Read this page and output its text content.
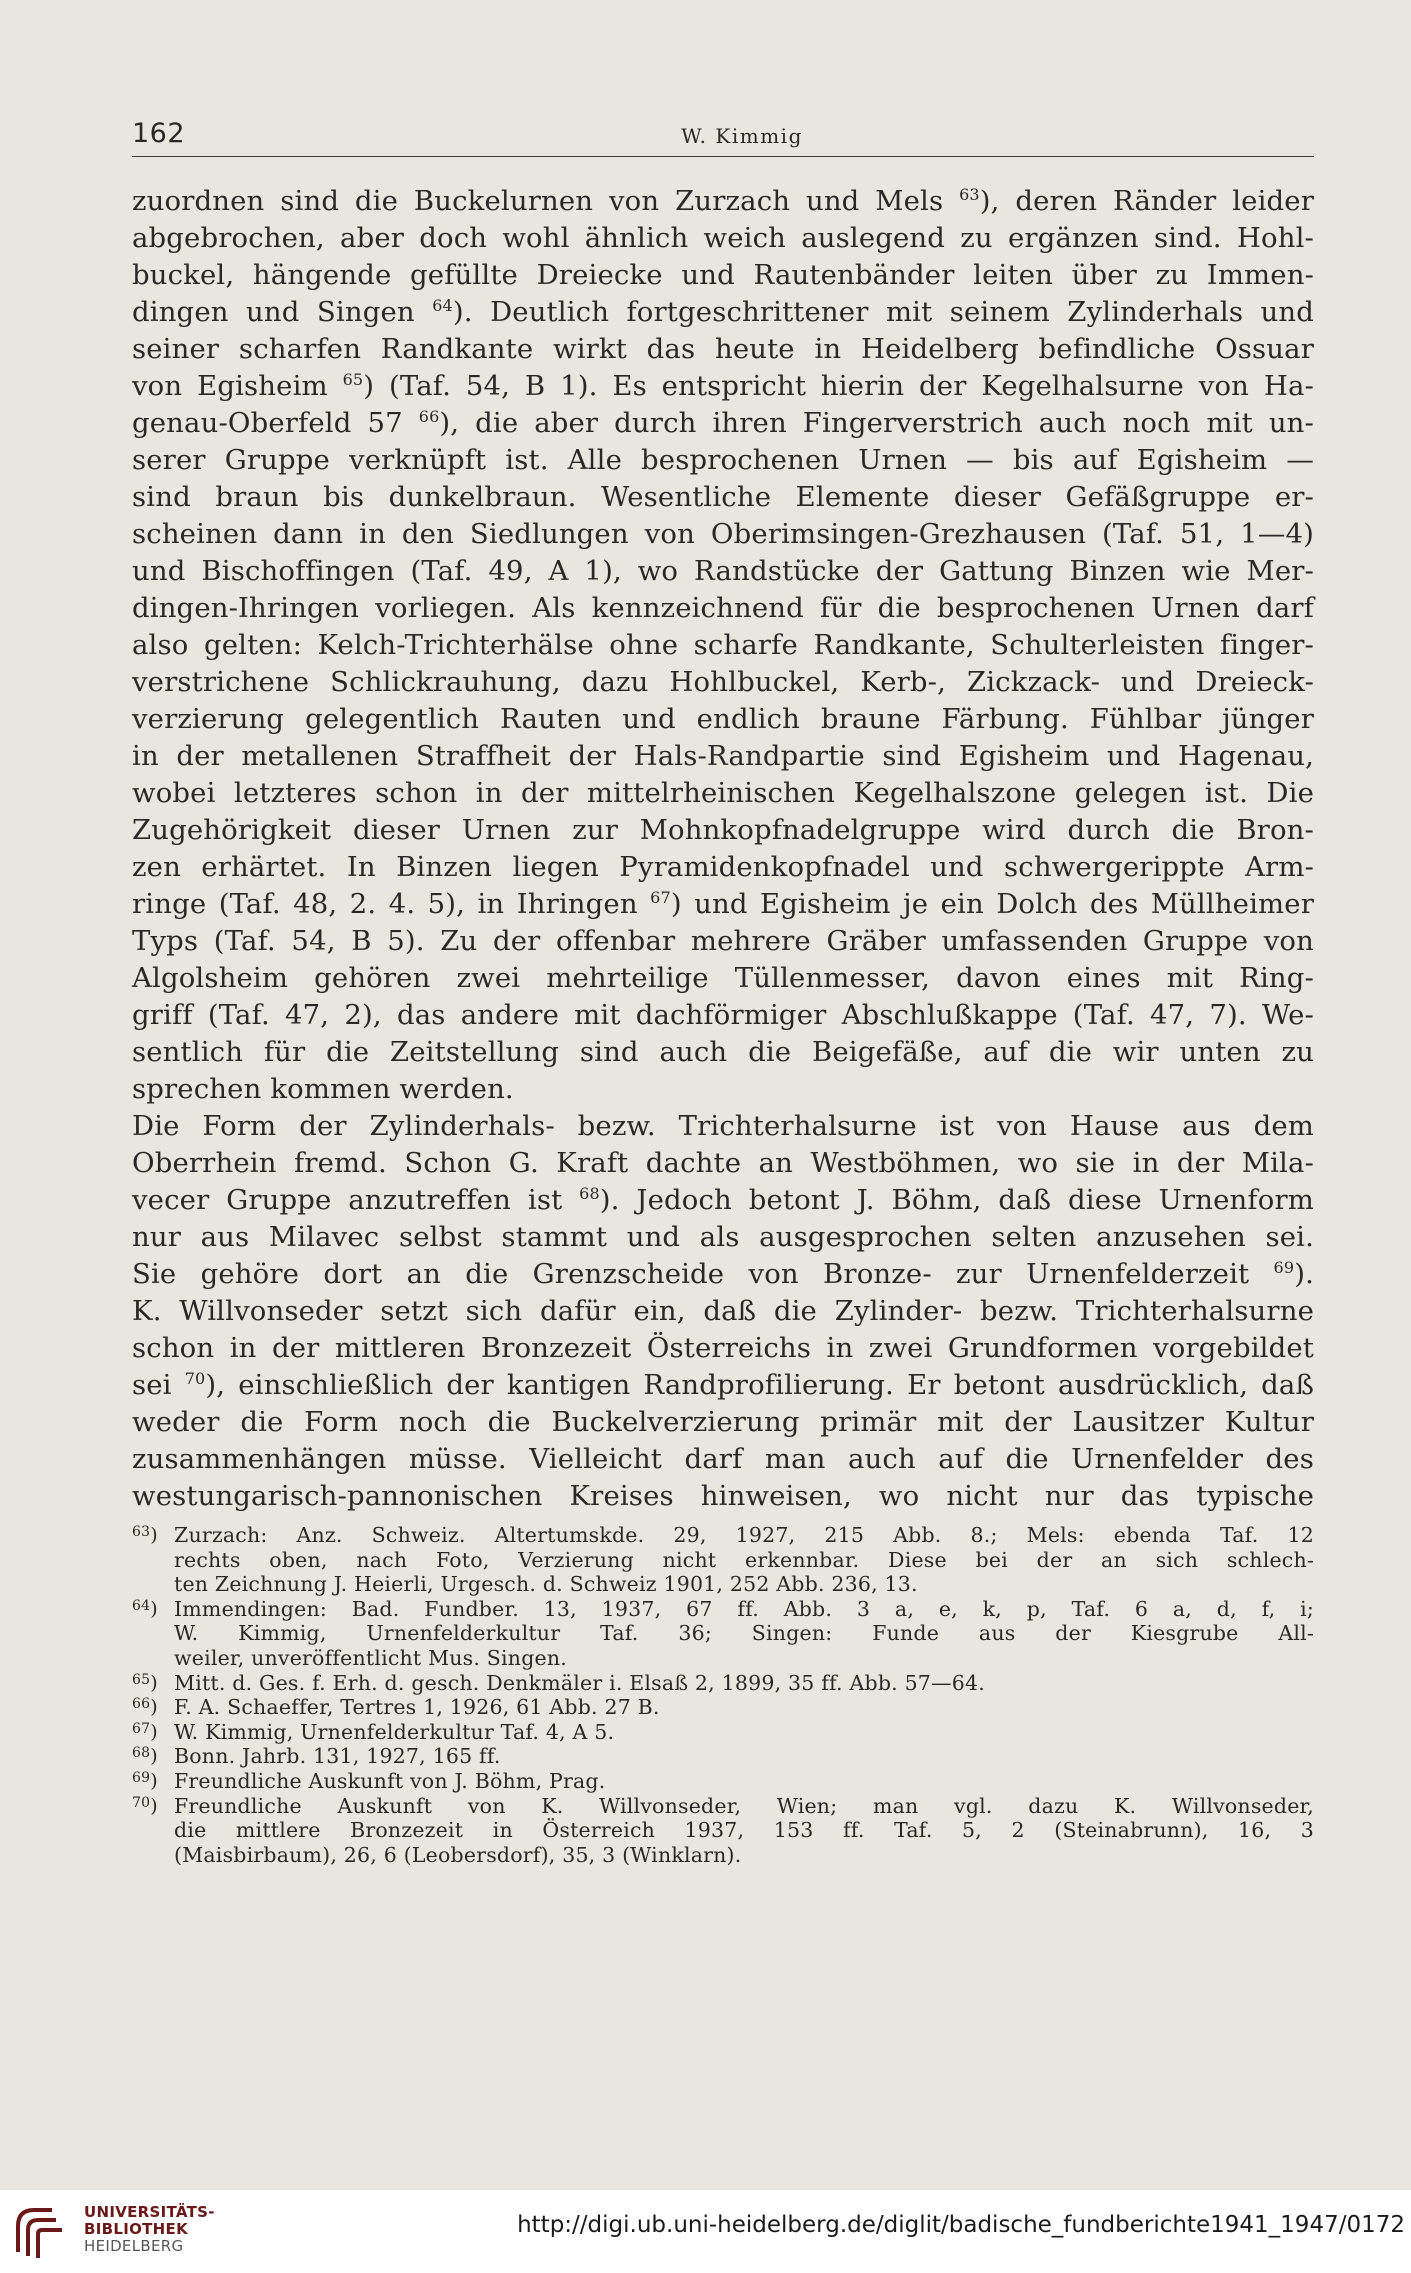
162	W. Kimmig
zuordnen sind die Buckelurnen von Zurzach und Mels $^{63}$), deren Ränder leider
abgebrochen, aber doch wohl ähnlich weich auslegend zu ergänzen sind. Hohl-
buckel, hängende gefüllte Dreiecke und Rautenbänder leiten über zu Immen-
dingen und Singen $^{64}$). Deutlich fortgeschrittener mit seinem Zylinderhals und
seiner scharfen Randkante wirkt das heute in Heidelberg befindliche Ossuar
von Egisheim $^{65}$) (Taf. 54, B 1). Es entspricht hierin der Kegelhalsurne von Ha-
genau-Oberfeld 57 $^{66}$), die aber durch ihren Fingerverstrich auch noch mit un-
serer Gruppe verknüpft ist. Alle besprochenen Urnen — bis auf Egisheim —
sind braun bis dunkelbraun. Wesentliche Elemente dieser Gefäßgruppe er-
scheinen dann in den Siedlungen von Oberimsingen-Grezhausen (Taf. 51, 1—4)
und Bischoffingen (Taf. 49, A 1), wo Randstücke der Gattung Binzen wie Mer-
dingen-Ihringen vorliegen. Als kennzeichnend für die besprochenen Urnen darf
also gelten: Kelch-Trichterhälse ohne scharfe Randkante, Schulterleisten finger-
verstrichene Schlickrauhung, dazu Hohlbuckel, Kerb-, Zickzack- und Dreieck-
verzierung gelegentlich Rauten und endlich braune Färbung. Fühlbar jünger
in der metallenen Straffheit der Hals-Randpartie sind Egisheim und Hagenau,
wobei letzteres schon in der mittelrheinischen Kegelhalszone gelegen ist. Die
Zugehörigkeit dieser Urnen zur Mohnkopfnadelgruppe wird durch die Bron-
zen erhärtet. In Binzen liegen Pyramidenkopfnadel und schwergerippte Arm-
ringe (Taf. 48, 2. 4. 5), in Ihringen $^{67}$) und Egisheim je ein Dolch des Müllheimer
Typs (Taf. 54, B 5). Zu der offenbar mehrere Gräber umfassenden Gruppe von
Algolsheim gehören zwei mehrteilige Tüllenmesser, davon eines mit Ring-
griff (Taf. 47, 2), das andere mit dachförmiger Abschlußkappe (Taf. 47, 7). We-
sentlich für die Zeitstellung sind auch die Beigefäße, auf die wir unten zu
sprechen kommen werden.
Die Form der Zylinderhals- bezw. Trichterhalsurne ist von Hause aus dem
Oberrhein fremd. Schon G. Kraft dachte an Westböhmen, wo sie in der Mila-
vecer Gruppe anzutreffen ist $^{68}$). Jedoch betont J. Böhm, daß diese Urnenform
nur aus Milavec selbst stammt und als ausgesprochen selten anzusehen sei.
Sie gehöre dort an die Grenzscheide von Bronze- zur Urnenfelderzeit $^{69}$).
K. Willvonseder setzt sich dafür ein, daß die Zylinder- bezw. Trichterhalsurne
schon in der mittleren Bronzezeit Österreichs in zwei Grundformen vorgebildet
sei $^{70}$), einschließlich der kantigen Randprofilierung. Er betont ausdrücklich, daß
weder die Form noch die Buckelverzierung primär mit der Lausitzer Kultur
zusammenhängen müsse. Vielleicht darf man auch auf die Urnenfelder des
westungarisch-pannonischen Kreises hinweisen, wo nicht nur das typische
63) Zurzach: Anz. Schweiz. Altertumskde. 29, 1927, 215 Abb. 8.; Mels: ebenda Taf. 12
rechts oben, nach Foto, Verzierung nicht erkennbar. Diese bei der an sich schlech-
ten Zeichnung J. Heierli, Urgesch. d. Schweiz 1901, 252 Abb. 236, 13.
64) Immendingen: Bad. Fundber. 13, 1937, 67 ff. Abb. 3 a, e, k, p, Taf. 6 a, d, f, i;
W. Kimmig, Urnenfelderkultur Taf. 36; Singen: Funde aus der Kiesgrube All-
weiler, unveröffentlicht Mus. Singen.
65) Mitt. d. Ges. f. Erh. d. gesch. Denkmäler i. Elsaß 2, 1899, 35 ff. Abb. 57—64.
66) F. A. Schaeffer, Tertres 1, 1926, 61 Abb. 27 B.
67) W. Kimmig, Urnenfelderkultur Taf. 4, A 5.
68) Bonn. Jahrb. 131, 1927, 165 ff.
69) Freundliche Auskunft von J. Böhm, Prag.
70) Freundliche Auskunft von K. Willvonseder, Wien; man vgl. dazu K. Willvonseder,
die mittlere Bronzezeit in Österreich 1937, 153 ff. Taf. 5, 2 (Steinabrunn), 16, 3
(Maisbirbaum), 26, 6 (Leobersdorf), 35, 3 (Winklarn).
UNIVERSITÄTS-
BIBLIOTHEK
HEIDELBERG
http://digi.ub.uni-heidelberg.de/diglit/badische_fundberichte1941_1947/0172
